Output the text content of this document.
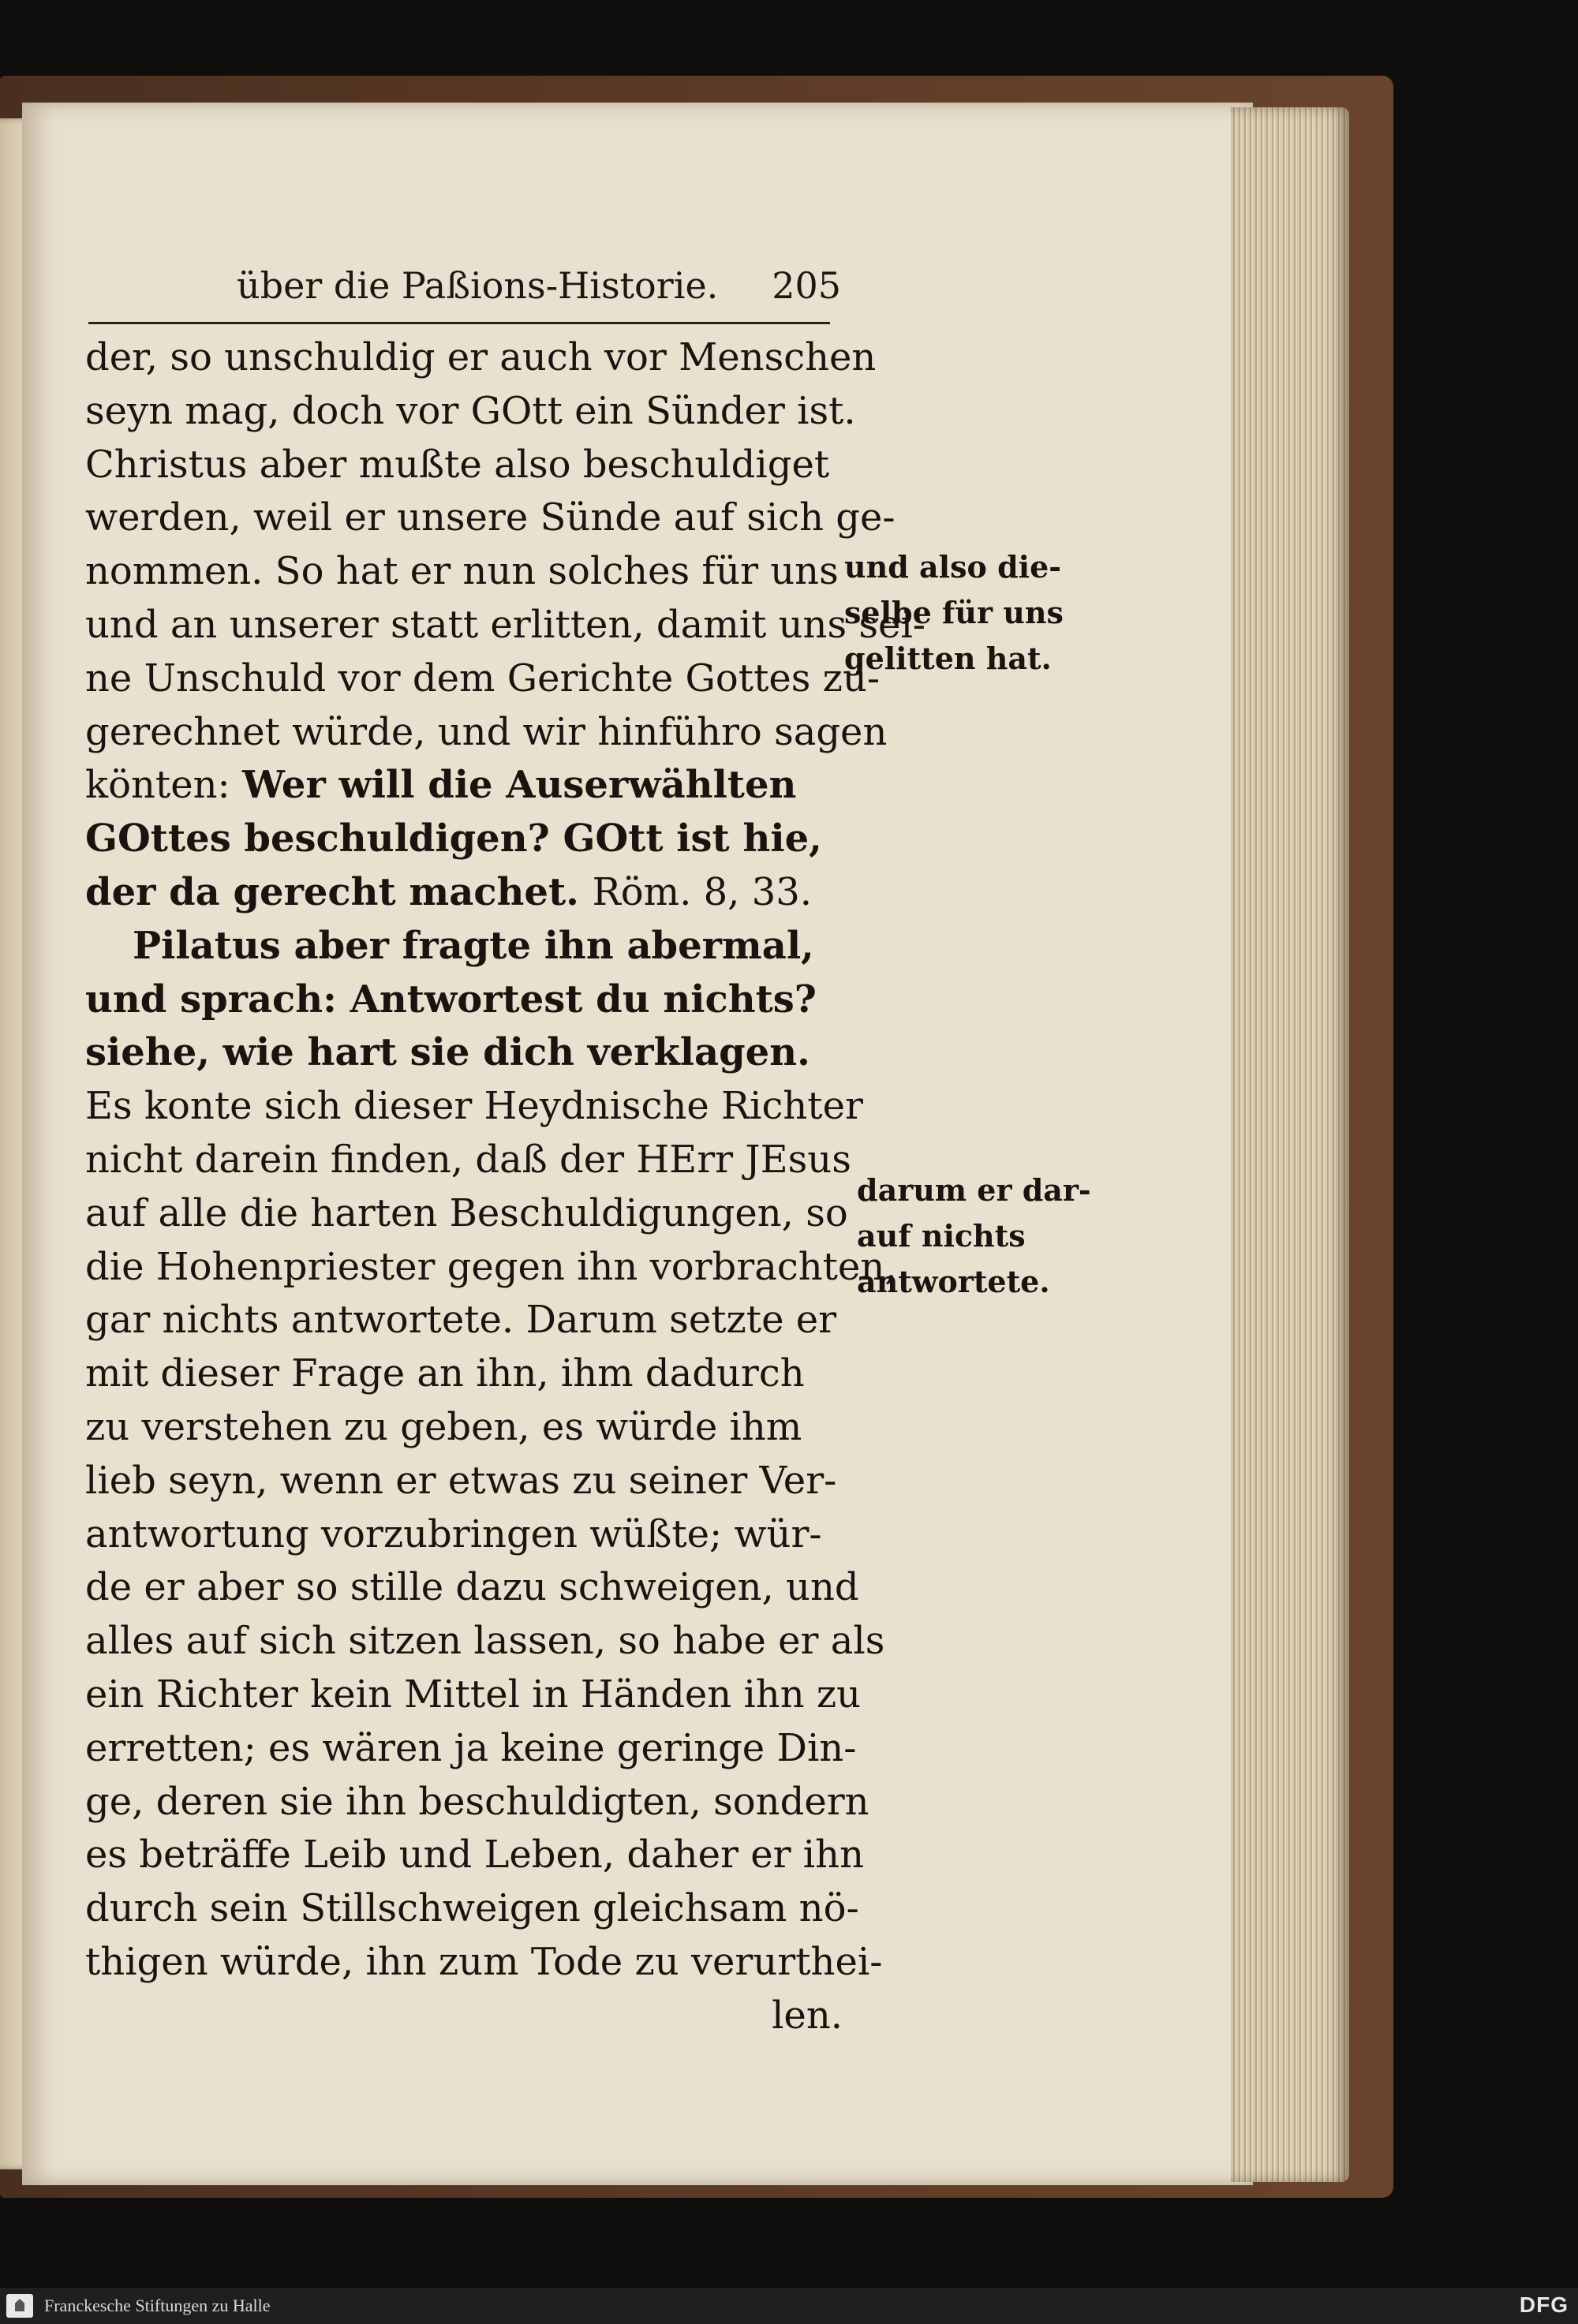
über die Paßions-Historie. 205
der, so unschuldig er auch vor Menschen
seyn mag, doch vor GOtt ein Sünder ist.
Christus aber mußte also beschuldiget
werden, weil er unsere Sünde auf sich ge-
nommen. So hat er nun solches für uns
und an unserer statt erlitten, damit uns sei-
ne Unschuld vor dem Gerichte Gottes zu-
gerechnet würde, und wir hinführo sagen
könten: Wer will die Auserwählten
GOttes beschuldigen? GOtt ist hie,
der da gerecht machet. Röm. 8, 33.
Pilatus aber fragte ihn abermal,
und sprach: Antwortest du nichts?
siehe, wie hart sie dich verklagen.
Es konte sich dieser Heydnische Richter
nicht darein finden, daß der HErr JEsus
auf alle die harten Beschuldigungen, so
die Hohenpriester gegen ihn vorbrachten,
gar nichts antwortete. Darum setzte er
mit dieser Frage an ihn, ihm dadurch
zu verstehen zu geben, es würde ihm
lieb seyn, wenn er etwas zu seiner Ver-
antwortung vorzubringen wüßte; wür-
de er aber so stille dazu schweigen, und
alles auf sich sitzen lassen, so habe er als
ein Richter kein Mittel in Händen ihn zu
erretten; es wären ja keine geringe Din-
ge, deren sie ihn beschuldigten, sondern
es beträffe Leib und Leben, daher er ihn
durch sein Stillschweigen gleichsam nö-
thigen würde, ihn zum Tode zu verurthei-
len.
und also die-
selbe für uns
gelitten hat.
darum er dar-
auf nichts
antwortete.
Franckesche Stiftungen zu Halle	DFG
